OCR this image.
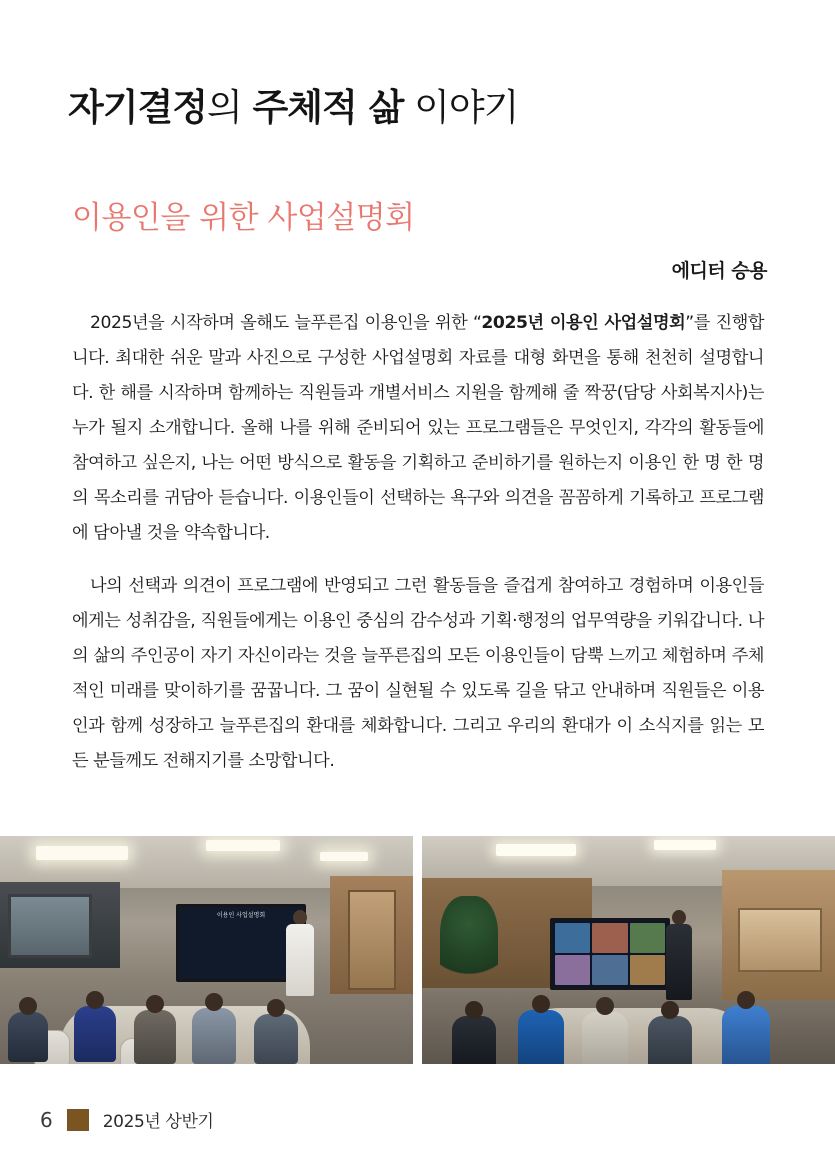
자기결정의 주체적 삶 이야기
이용인을 위한 사업설명회
에디터 승용

2025년을 시작하며 올해도 늘푸른집 이용인을 위한 “2025년 이용인 사업설명회”를 진행합니다. 최대한 쉬운 말과 사진으로 구성한 사업설명회 자료를 대형 화면을 통해 천천히 설명합니다. 한 해를 시작하며 함께하는 직원들과 개별서비스 지원을 함께해 줄 짝꿍(담당 사회복지사)는 누가 될지 소개합니다. 올해 나를 위해 준비되어 있는 프로그램들은 무엇인지, 각각의 활동들에 참여하고 싶은지, 나는 어떤 방식으로 활동을 기획하고 준비하기를 원하는지 이용인 한 명 한 명의 목소리를 귀담아 듣습니다. 이용인들이 선택하는 욕구와 의견을 꼼꼼하게 기록하고 프로그램에 담아낼 것을 약속합니다.

나의 선택과 의견이 프로그램에 반영되고 그런 활동들을 즐겁게 참여하고 경험하며 이용인들에게는 성취감을, 직원들에게는 이용인 중심의 감수성과 기획·행정의 업무역량을 키워갑니다. 나의 삶의 주인공이 자기 자신이라는 것을 늘푸른집의 모든 이용인들이 담뿍 느끼고 체험하며 주체적인 미래를 맞이하기를 꿈꿉니다. 그 꿈이 실현될 수 있도록 길을 닦고 안내하며 직원들은 이용인과 함께 성장하고 늘푸른집의 환대를 체화합니다. 그리고 우리의 환대가 이 소식지를 읽는 모든 분들께도 전해지기를 소망합니다.

이용인 사업설명회
6	2025년 상반기
